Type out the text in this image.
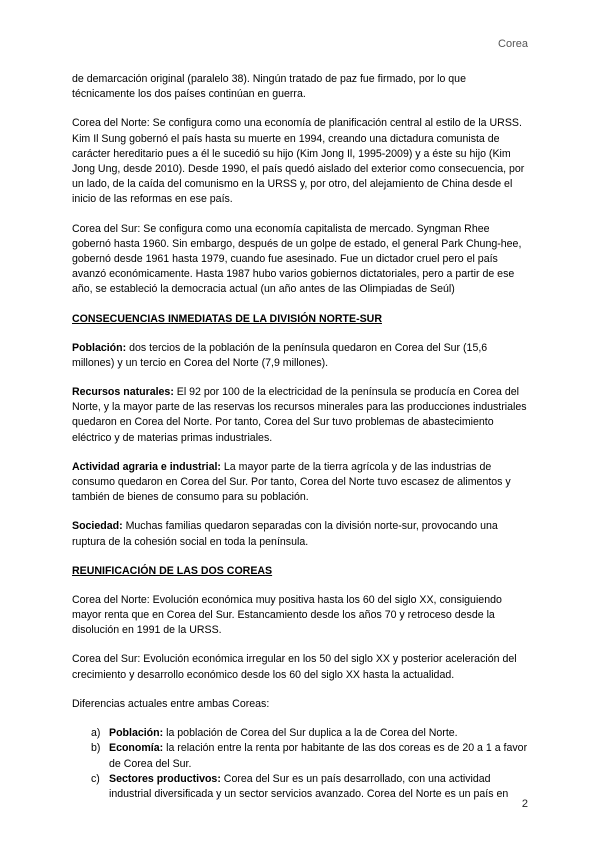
Corea

de demarcación original (paralelo 38). Ningún tratado de paz fue firmado, por lo que técnicamente los dos países continúan en guerra.

Corea del Norte: Se configura como una economía de planificación central al estilo de la URSS. Kim Il Sung gobernó el país hasta su muerte en 1994, creando una dictadura comunista de carácter hereditario pues a él le sucedió su hijo (Kim Jong Il, 1995-2009) y a éste su hijo (Kim Jong Ung, desde 2010). Desde 1990, el país quedó aislado del exterior como consecuencia, por un lado, de la caída del comunismo en la URSS y, por otro, del alejamiento de China desde el inicio de las reformas en ese país.

Corea del Sur: Se configura como una economía capitalista de mercado. Syngman Rhee gobernó hasta 1960. Sin embargo, después de un golpe de estado, el general Park Chung-hee, gobernó desde 1961 hasta 1979, cuando fue asesinado. Fue un dictador cruel pero el país avanzó económicamente. Hasta 1987 hubo varios gobiernos dictatoriales, pero a partir de ese año, se estableció la democracia actual (un año antes de las Olimpiadas de Seúl)

CONSECUENCIAS INMEDIATAS DE LA DIVISIÓN NORTE-SUR

Población: dos tercios de la población de la península quedaron en Corea del Sur (15,6 millones) y un tercio en Corea del Norte (7,9 millones).

Recursos naturales: El 92 por 100 de la electricidad de la península se producía en Corea del Norte, y la mayor parte de las reservas los recursos minerales para las producciones industriales quedaron en Corea del Norte. Por tanto, Corea del Sur tuvo problemas de abastecimiento eléctrico y de materias primas industriales.

Actividad agraria e industrial: La mayor parte de la tierra agrícola y de las industrias de consumo quedaron en Corea del Sur. Por tanto, Corea del Norte tuvo escasez de alimentos y también de bienes de consumo para su población.

Sociedad: Muchas familias quedaron separadas con la división norte-sur, provocando una ruptura de la cohesión social en toda la península.

REUNIFICACIÓN DE LAS DOS COREAS

Corea del Norte: Evolución económica muy positiva hasta los 60 del siglo XX, consiguiendo mayor renta que en Corea del Sur. Estancamiento desde los años 70 y retroceso desde la disolución en 1991 de la URSS.

Corea del Sur: Evolución económica irregular en los 50 del siglo XX y posterior aceleración del crecimiento y desarrollo económico desde los 60 del siglo XX hasta la actualidad.

Diferencias actuales entre ambas Coreas:

a) Población: la población de Corea del Sur duplica a la de Corea del Norte.
b) Economía: la relación entre la renta por habitante de las dos coreas es de 20 a 1 a favor de Corea del Sur.
c) Sectores productivos: Corea del Sur es un país desarrollado, con una actividad industrial diversificada y un sector servicios avanzado. Corea del Norte es un país en
2
